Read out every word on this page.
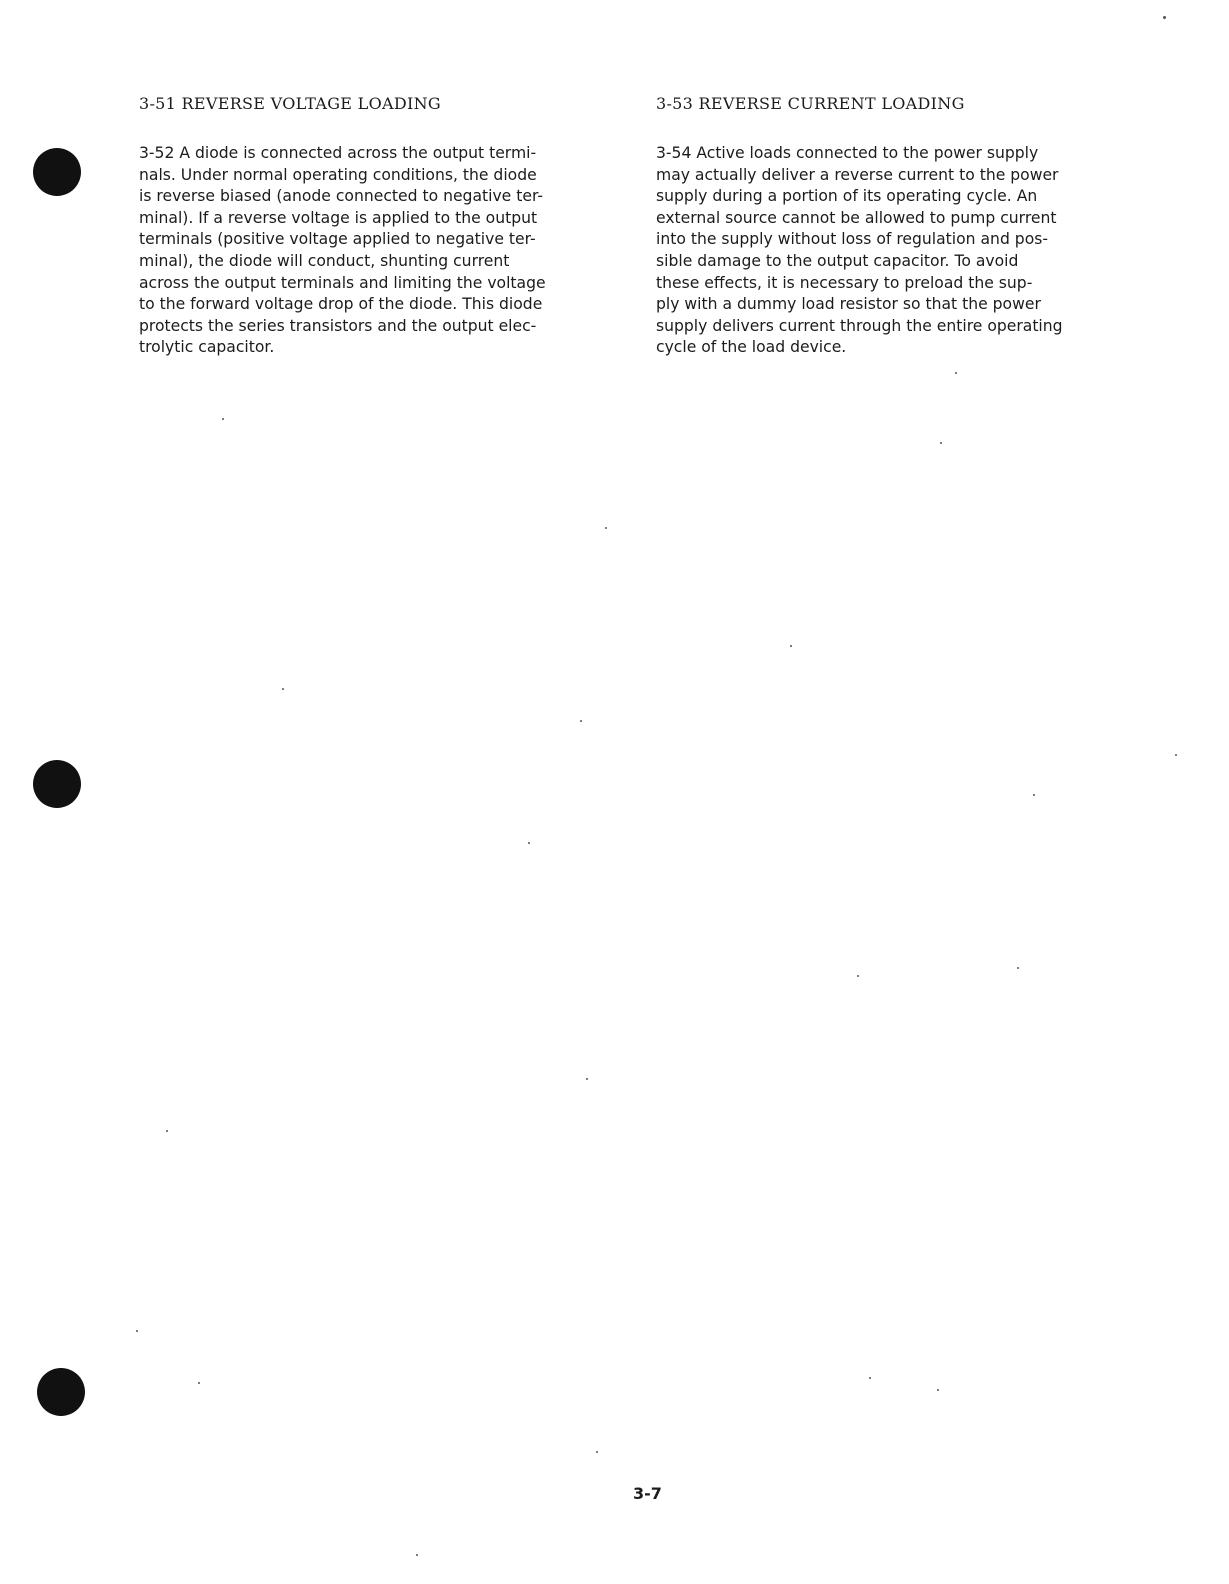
3-51 REVERSE VOLTAGE LOADING

3-52 A diode is connected across the output termi-
nals. Under normal operating conditions, the diode
is reverse biased (anode connected to negative ter-
minal). If a reverse voltage is applied to the output
terminals (positive voltage applied to negative ter-
minal), the diode will conduct, shunting current
across the output terminals and limiting the voltage
to the forward voltage drop of the diode. This diode
protects the series transistors and the output elec-
trolytic capacitor.

3-53 REVERSE CURRENT LOADING

3-54 Active loads connected to the power supply
may actually deliver a reverse current to the power
supply during a portion of its operating cycle. An
external source cannot be allowed to pump current
into the supply without loss of regulation and pos-
sible damage to the output capacitor. To avoid
these effects, it is necessary to preload the sup-
ply with a dummy load resistor so that the power
supply delivers current through the entire operating
cycle of the load device.

3-7
